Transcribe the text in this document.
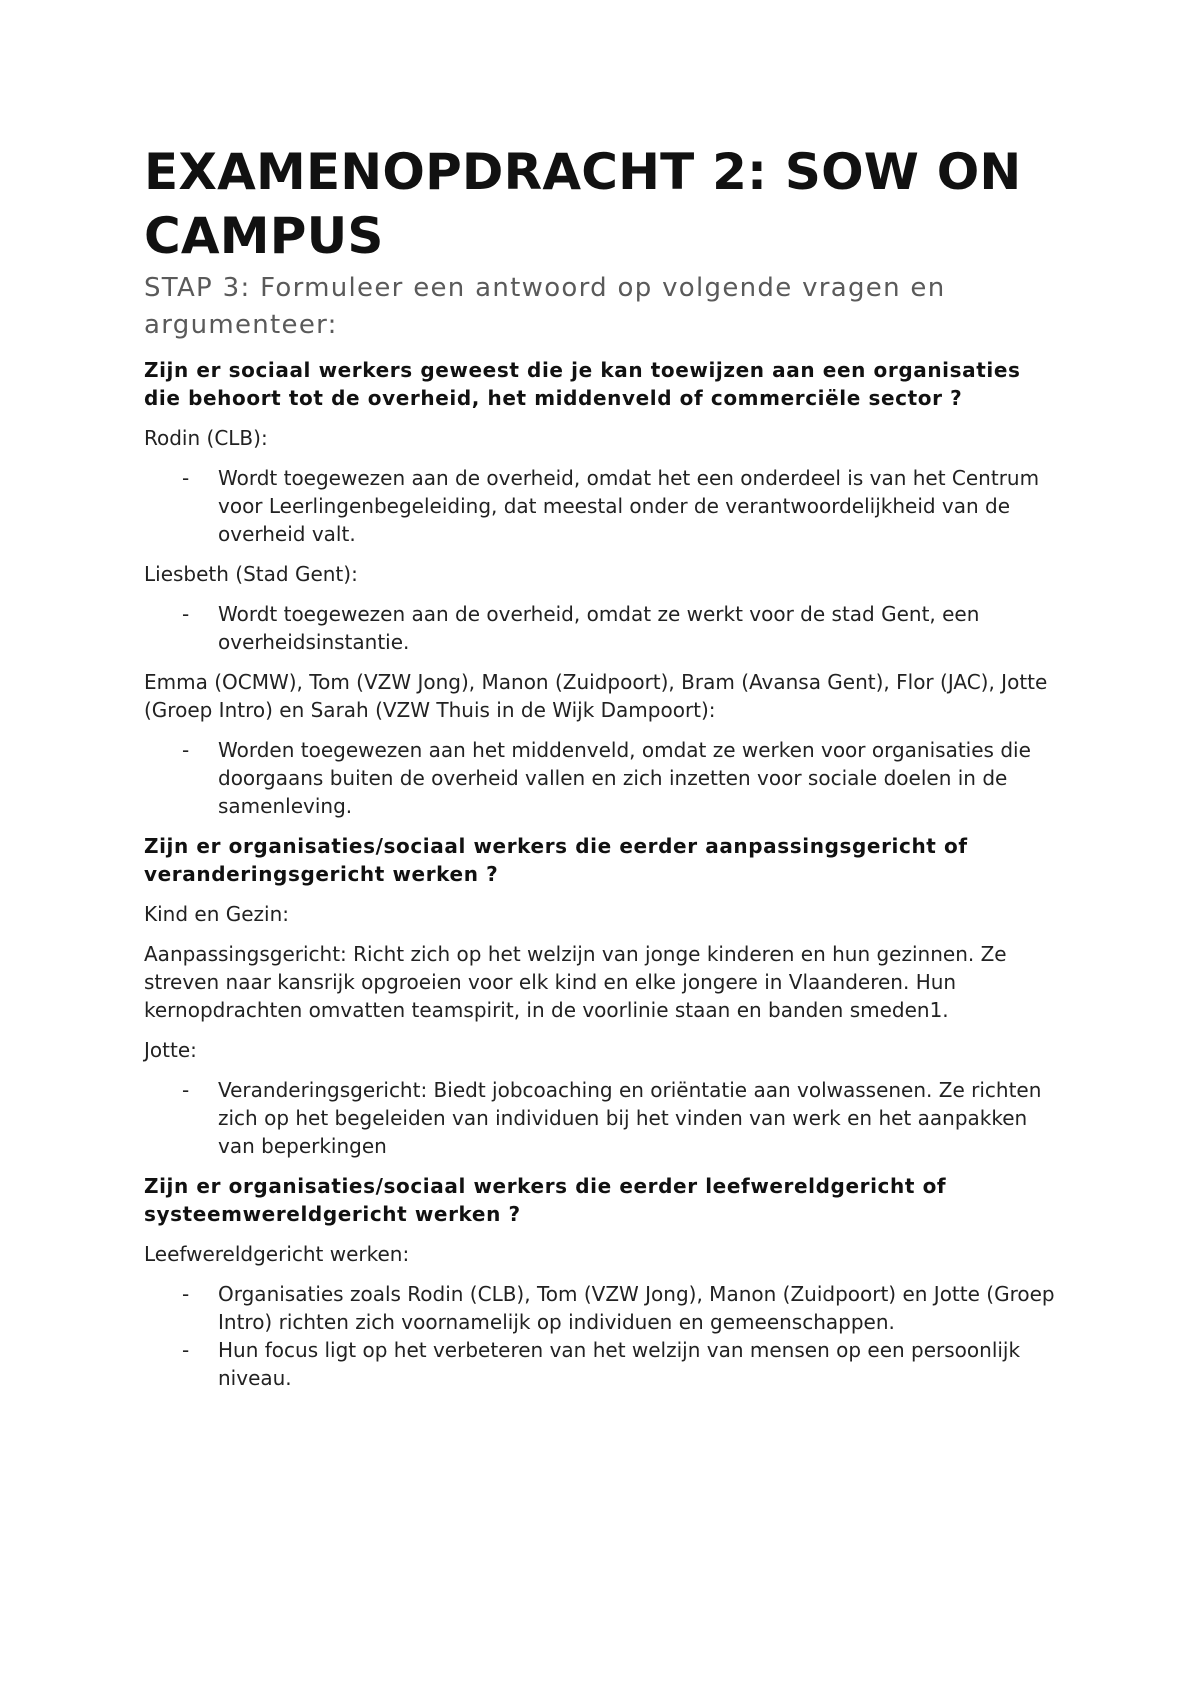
EXAMENOPDRACHT 2: SOW ON CAMPUS
STAP 3: Formuleer een antwoord op volgende vragen en argumenteer:
Zijn er sociaal werkers geweest die je kan toewijzen aan een organisaties die behoort tot de overheid, het middenveld of commerciële sector ?

Rodin (CLB):

- Wordt toegewezen aan de overheid, omdat het een onderdeel is van het Centrum voor Leerlingenbegeleiding, dat meestal onder de verantwoordelijkheid van de overheid valt.

Liesbeth (Stad Gent):

- Wordt toegewezen aan de overheid, omdat ze werkt voor de stad Gent, een overheidsinstantie.

Emma (OCMW), Tom (VZW Jong), Manon (Zuidpoort), Bram (Avansa Gent), Flor (JAC), Jotte (Groep Intro) en Sarah (VZW Thuis in de Wijk Dampoort):

- Worden toegewezen aan het middenveld, omdat ze werken voor organisaties die doorgaans buiten de overheid vallen en zich inzetten voor sociale doelen in de samenleving.
Zijn er organisaties/sociaal werkers die eerder aanpassingsgericht of veranderingsgericht werken ?

Kind en Gezin:

Aanpassingsgericht: Richt zich op het welzijn van jonge kinderen en hun gezinnen. Ze streven naar kansrijk opgroeien voor elk kind en elke jongere in Vlaanderen. Hun kernopdrachten omvatten teamspirit, in de voorlinie staan en banden smeden1.

Jotte:

- Veranderingsgericht: Biedt jobcoaching en oriëntatie aan volwassenen. Ze richten zich op het begeleiden van individuen bij het vinden van werk en het aanpakken van beperkingen
Zijn er organisaties/sociaal werkers die eerder leefwereldgericht of systeemwereldgericht werken ?

Leefwereldgericht werken:

- Organisaties zoals Rodin (CLB), Tom (VZW Jong), Manon (Zuidpoort) en Jotte (Groep Intro) richten zich voornamelijk op individuen en gemeenschappen.
- Hun focus ligt op het verbeteren van het welzijn van mensen op een persoonlijk niveau.
